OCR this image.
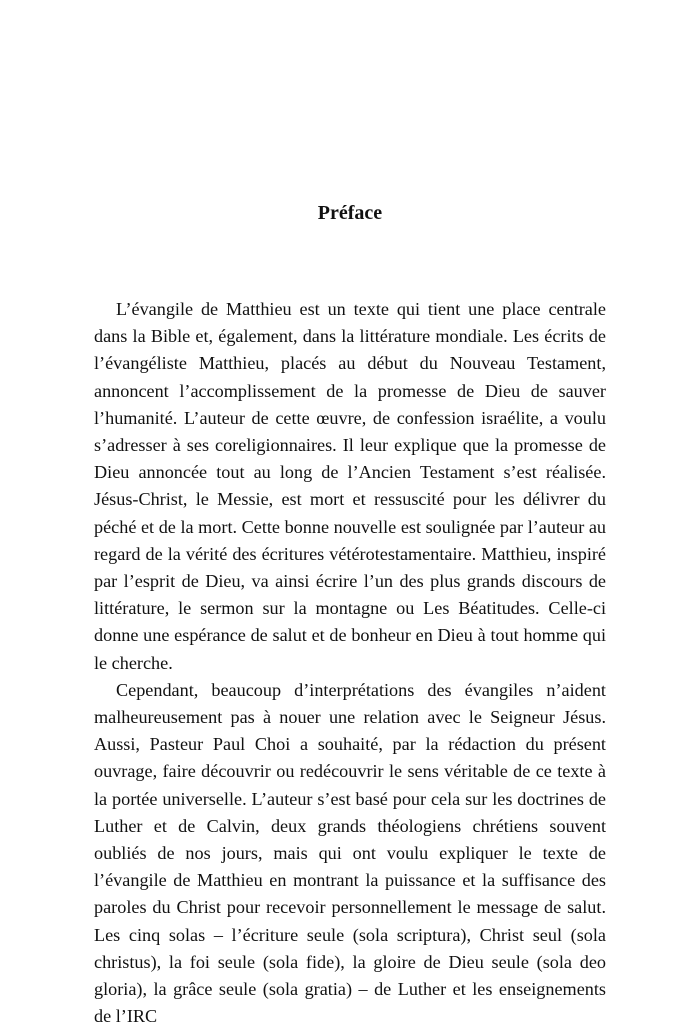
Préface

L’évangile de Matthieu est un texte qui tient une place centrale dans la Bible et, également, dans la littérature mondiale. Les écrits de l’évangéliste Matthieu, placés au début du Nouveau Testament, annoncent l’accomplissement de la promesse de Dieu de sauver l’humanité. L’auteur de cette œuvre, de confession israélite, a voulu s’adresser à ses coreligionnaires. Il leur explique que la promesse de Dieu annoncée tout au long de l’Ancien Testament s’est réalisée. Jésus-Christ, le Messie, est mort et ressuscité pour les délivrer du péché et de la mort. Cette bonne nouvelle est soulignée par l’auteur au regard de la vérité des écritures vétérotestamentaire. Matthieu, inspiré par l’esprit de Dieu, va ainsi écrire l’un des plus grands discours de littérature, le sermon sur la montagne ou Les Béatitudes. Celle-ci donne une espérance de salut et de bonheur en Dieu à tout homme qui le cherche.

Cependant, beaucoup d’interprétations des évangiles n’aident malheureusement pas à nouer une relation avec le Seigneur Jésus. Aussi, Pasteur Paul Choi a souhaité, par la rédaction du présent ouvrage, faire découvrir ou redécouvrir le sens véritable de ce texte à la portée universelle. L’auteur s’est basé pour cela sur les doctrines de Luther et de Calvin, deux grands théologiens chrétiens souvent oubliés de nos jours, mais qui ont voulu expliquer le texte de l’évangile de Matthieu en montrant la puissance et la suffisance des paroles du Christ pour recevoir personnellement le message de salut. Les cinq solas – l’écriture seule (sola scriptura), Christ seul (sola christus), la foi seule (sola fide), la gloire de Dieu seule (sola deo gloria), la grâce seule (sola gratia) – de Luther et les enseignements de l’IRC
